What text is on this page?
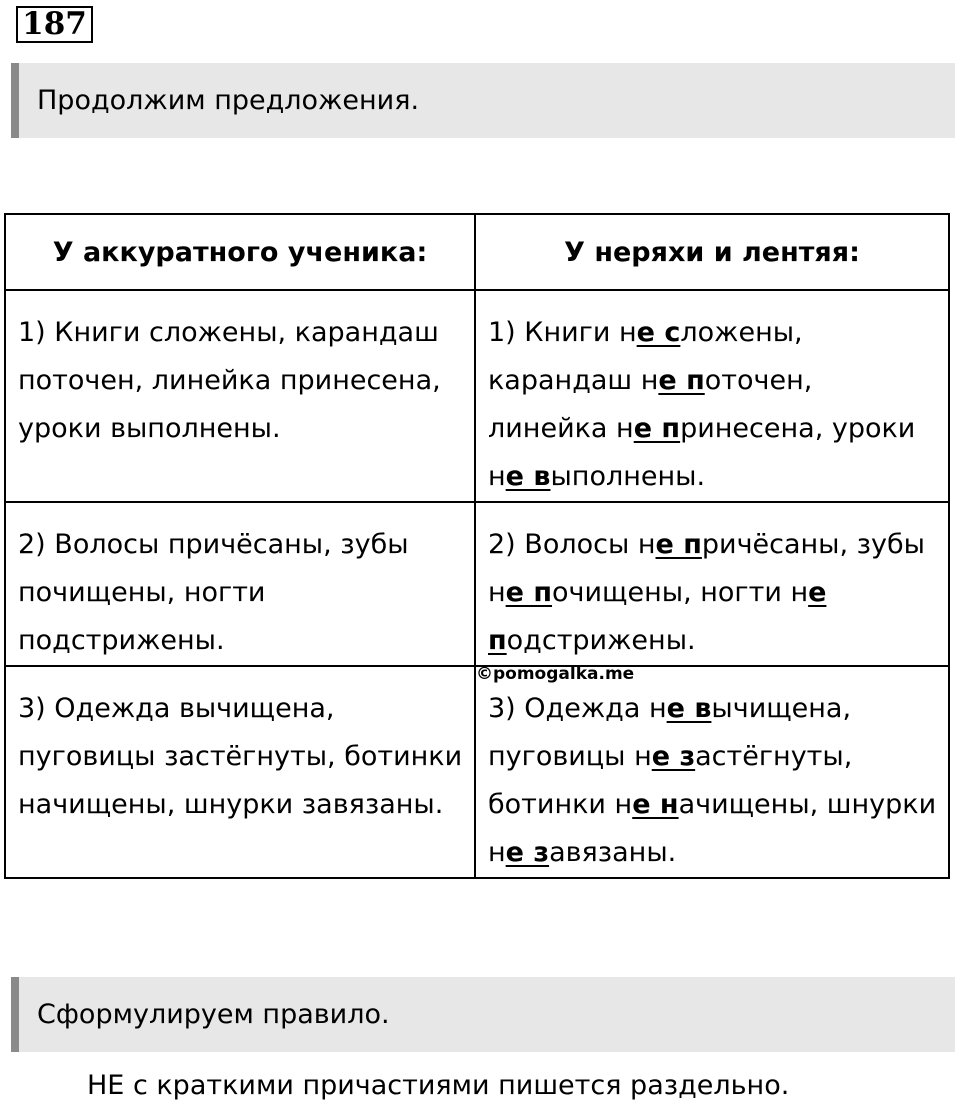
187
Продолжим предложения.
У аккуратного ученика:	У неряхи и лентяя:
1) Книги сложены, карандаш поточен, линейка принесена, уроки выполнены.	1) Книги не сложены, карандаш не поточен, линейка не принесена, уроки не выполнены.
2) Волосы причёсаны, зубы почищены, ногти подстрижены.	2) Волосы не причёсаны, зубы не почищены, ногти не подстрижены.
3) Одежда вычищена, пуговицы застёгнуты, ботинки начищены, шнурки завязаны.	3) Одежда не вычищена, пуговицы не застёгнуты, ботинки не начищены, шнурки не завязаны.
©pomogalka.me
Сформулируем правило.
НЕ с краткими причастиями пишется раздельно.
